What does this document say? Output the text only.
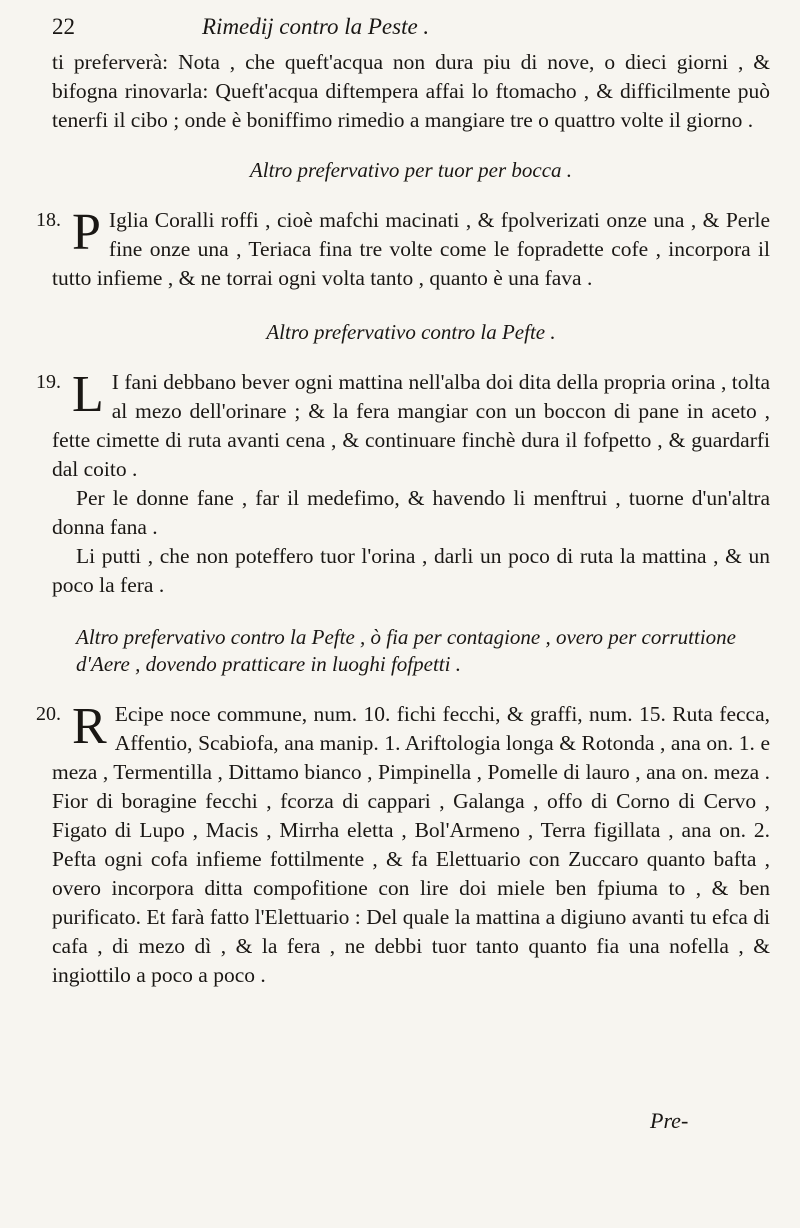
22	Rimedij contro la Peste .

ti preferverà: Nota , che queft'acqua non dura piu di nove, o dieci giorni , & bifogna rinovarla: Queft'acqua diftempera affai lo ftomacho , & difficilmente può tenerfi il cibo ; onde è boniffimo rimedio a mangiare tre o quattro volte il giorno .

Altro prefervativo per tuor per bocca .
18. P Iglia Coralli roffi , cioè mafchi macinati , & fpolverizati onze una , & Perle fine onze una , Teriaca fina tre volte come le fopradette cofe , incorpora il tutto infieme , & ne torrai ogni volta tanto , quanto è una fava .

Altro prefervativo contro la Pefte .
19. L I fani debbano bever ogni mattina nell'alba doi dita della propria orina , tolta al mezo dell'orinare ; & la fera mangiar con un boccon di pane in aceto , fette cimette di ruta avanti cena , & continuare finchè dura il fofpetto , & guardarfi dal coito .

Per le donne fane , far il medefimo, & havendo li menftrui , tuorne d'un'altra donna fana .

Li putti , che non poteffero tuor l'orina , darli un poco di ruta la mattina , & un poco la fera .

Altro prefervativo contro la Pefte , ò fia per contagione , overo per corruttione d'Aere , dovendo pratticare in luoghi fofpetti .
20. R Ecipe noce commune, num. 10. fichi fecchi, & graffi, num. 15. Ruta fecca, Affentio, Scabiofa, ana manip. 1. Ariftologia longa & Rotonda , ana on. 1. e meza , Termentilla , Dittamo bianco , Pimpinella , Pomelle di lauro , ana on. meza . Fior di boragine fecchi , fcorza di cappari , Galanga , offo di Corno di Cervo , Figato di Lupo , Macis , Mirrha eletta , Bol'Armeno , Terra figillata , ana on. 2. Pefta ogni cofa infieme fottilmente , & fa Elettuario con Zuccaro quanto bafta , overo incorpora ditta compofitione con lire doi miele ben fpiuma to , & ben purificato. Et farà fatto l'Elettuario : Del quale la mattina a digiuno avanti tu efca di cafa , di mezo dì , & la fera , ne debbi tuor tanto quanto fia una nofella , & ingiottilo a poco a poco .

Pre-
